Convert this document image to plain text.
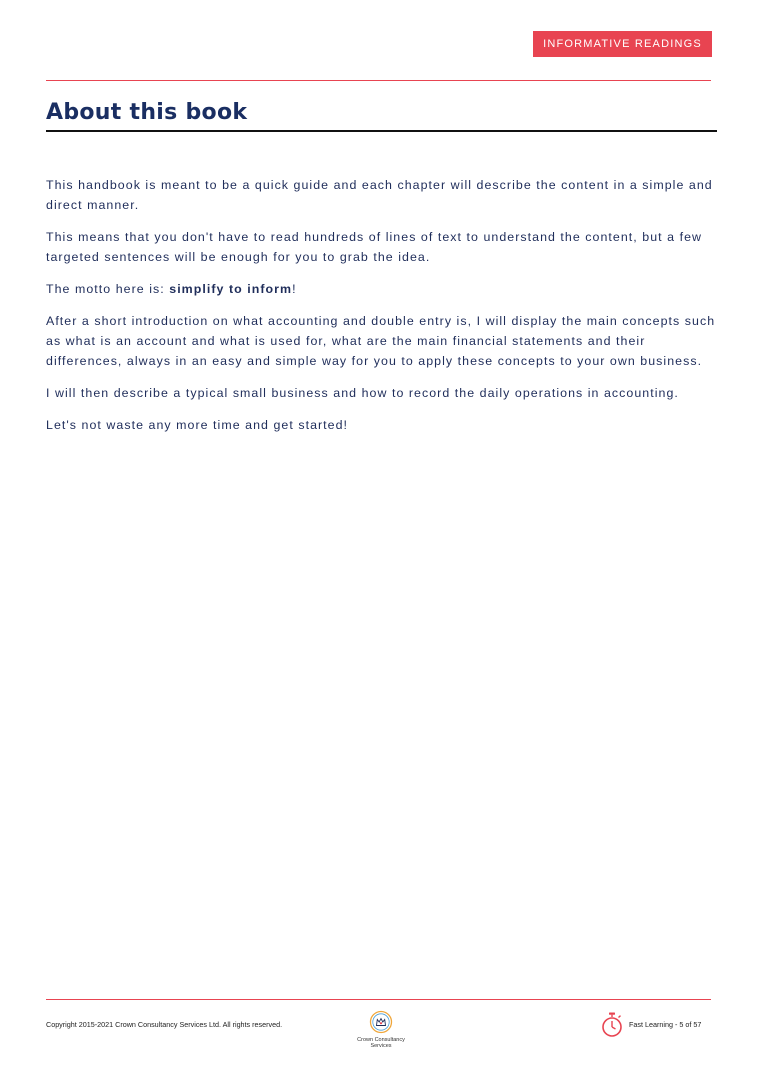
INFORMATIVE READINGS
About this book

This handbook is meant to be a quick guide and each chapter will describe the content in a simple and direct manner.

This means that you don't have to read hundreds of lines of text to understand the content, but a few targeted sentences will be enough for you to grab the idea.

The motto here is: simplify to inform!

After a short introduction on what accounting and double entry is, I will display the main concepts such as what is an account and what is used for, what are the main financial statements and their differences, always in an easy and simple way for you to apply these concepts to your own business.

I will then describe a typical small business and how to record the daily operations in accounting.

Let's not waste any more time and get started!

Copyright 2015-2021 Crown Consultancy Services Ltd. All rights reserved.
Crown Consultancy
Services
Fast Learning - 5 of 57
